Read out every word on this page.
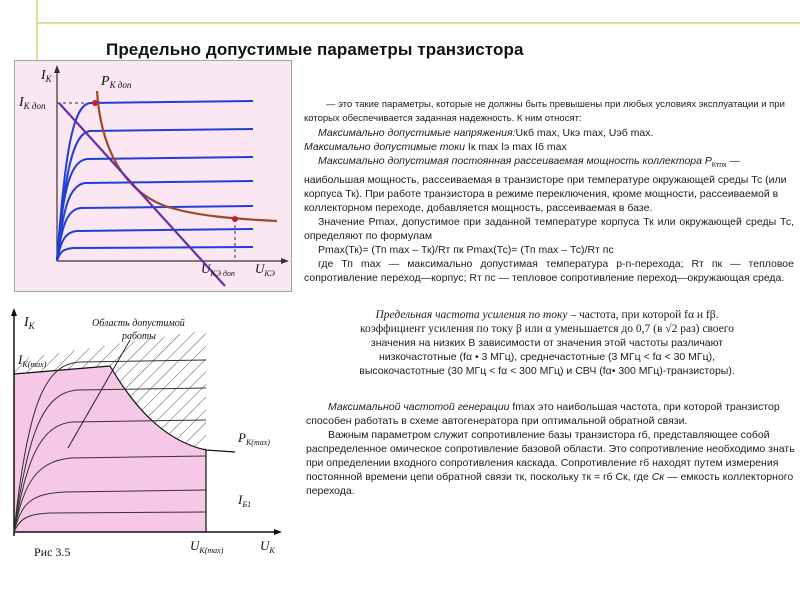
Предельно допустимые параметры транзистора
$I_К$
$I_{К доп}$
$P_{К доп}$
$U_{КЭ доп}$ $U_{КЭ}$
$I_К$	Область допустимой
работы
$I_{K(max)}$
$P_{K(max)}$
$I_{Б1}$
$U_{K(max)}$	$U_K$
Рис 3.5

— это такие параметры, которые не должны быть превышены при любых условиях эксплуатации и при которых обеспечивается заданная надежность. К ним относят:

Максимально допустимые напряжения:Uкб max, Uкэ max, Uэб max.

Максимально допустимые токи Iк max Iэ max Iб max

Максимально допустимая постоянная рассеиваемая мощность коллектора $Р_{Ктпх}$ — наибольшая мощность, рассеиваемая в транзисторе при температуре окружающей среды Тс (или корпуса Тк). При работе транзистора в режиме переключения, кроме мощности, рассеиваемой в коллекторном переходе, добавляется мощность, рассеиваемая в базе.

Значение Рmax, допустимое при заданной температуре корпуса Тк или окружающей среды Тс, определяют по формулам

Рmax(Тк)= (Тп max – Тк)/Rт пк Рmax(Тс)= (Тп max – Тс)/Rт пс

где Тп max — максимально допустимая температура р-n-перехода; Rт пк — тепловое сопротивление переход—корпус; Rт пс — тепловое сопротивление переход—окружающая среда.

Предельная частота усиления по току – частота, при которой fα и fβ.

коэффициент усиления по току β или α уменьшается до 0,7 (в √2 раз) своего

значения на низких В зависимости от значения этой частоты различают

низкочастотные (fα • 3 МГц), среднечастотные (3 МГц < fα < 30 МГц),

высокочастотные (30 МГц < fα < 300 МГц) и СВЧ (fα• 300 МГц)-транзисторы).

Максимальной частотой генерации fmax это наибольшая частота, при которой транзистор способен работать в схеме автогенератора при оптимальной обратной связи.

Важным параметром служит сопротивление базы транзистора rб, представляющее собой распределенное омическое сопротивление базовой области. Это сопротивление необходимо знать при определении входного сопротивления каскада. Сопротивление rб находят путем измерения постоянной времени цепи обратной связи тк, поскольку тк = rб Ск, где Ск — емкость коллекторного перехода.
